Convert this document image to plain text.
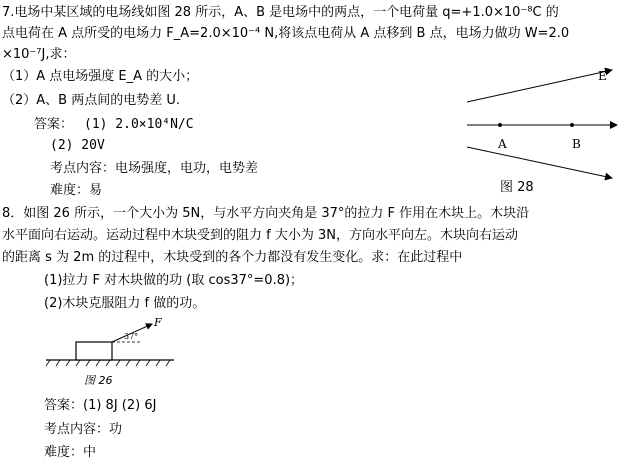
7.电场中某区域的电场线如图 28 所示，A、B 是电场中的两点，一个电荷量 q=+1.0×10⁻⁸C 的
点电荷在 A 点所受的电场力 F_A=2.0×10⁻⁴ N,将该点电荷从 A 点移到 B 点，电场力做功 W=2.0
×10⁻⁷J,求：
（1）A 点电场强度 E_A 的大小；
（2）A、B 两点间的电势差 U.
答案： (1) 2.0×10⁴N/C
(2) 20V
考点内容：电场强度，电功，电势差
难度：易
E
A	B
图 28
8．如图 26 所示，一个大小为 5N，与水平方向夹角是 37°的拉力 F 作用在木块上。木块沿
水平面向右运动。运动过程中木块受到的阻力 f 大小为 3N，方向水平向左。木块向右运动
的距离 s 为 2m 的过程中，木块受到的各个力都没有发生变化。求：在此过程中
(1)拉力 F 对木块做的功 (取 cos37°=0.8)；
(2)木块克服阻力 f 做的功。
F
37°
图 26
答案：(1) 8J (2) 6J
考点内容：功
难度：中
